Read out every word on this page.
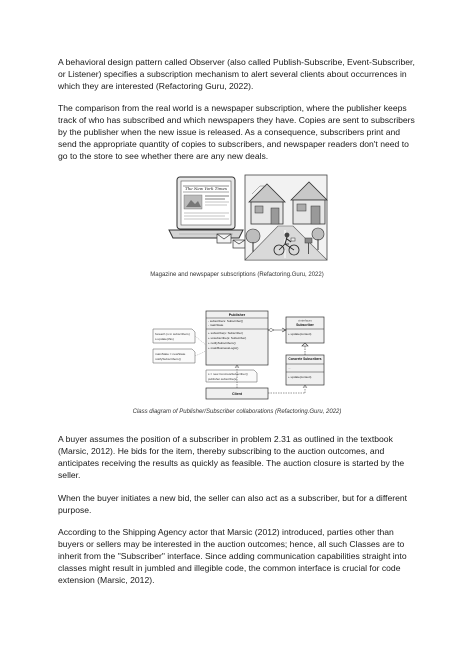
A behavioral design pattern called Observer (also called Publish-Subscribe, Event-Subscriber, or Listener) specifies a subscription mechanism to alert several clients about occurrences in which they are interested (Refactoring Guru, 2022).

The comparison from the real world is a newspaper subscription, where the publisher keeps track of who has subscribed and which newspapers they have. Copies are sent to subscribers by the publisher when the new issue is released. As a consequence, subscribers print and send the appropriate quantity of copies to subscribers, and newspaper readers don't need to go to the store to see whether there are any new deals.

The New York Times

Magazine and newspaper subscriptions (Refactoring.Guru, 2022)

foreach (s in subscribers)
s.update(this)
mainState = newState
notifySubscribers()
Publisher
- subscribers: Subscriber[]
- mainState
+ subscribe(s: Subscriber)
+ unsubscribe(s: Subscriber)
+ notifySubscribers()
+ mainBusinessLogic()
«interface»
Subscriber
+ update(context)
Concrete Subscribers
...
+ update(context)
Client
s = new ConcreteSubscriber()
publisher.subscribe(s)

Class diagram of Publisher/Subscriber collaborations (Refactoring.Guru, 2022)

A buyer assumes the position of a subscriber in problem 2.31 as outlined in the textbook (Marsic, 2012). He bids for the item, thereby subscribing to the auction outcomes, and anticipates receiving the results as quickly as feasible. The auction closure is started by the seller.

When the buyer initiates a new bid, the seller can also act as a subscriber, but for a different purpose.

According to the Shipping Agency actor that Marsic (2012) introduced, parties other than buyers or sellers may be interested in the auction outcomes; hence, all such Classes are to inherit from the "Subscriber" interface. Since adding communication capabilities straight into classes might result in jumbled and illegible code, the common interface is crucial for code extension (Marsic, 2012).
